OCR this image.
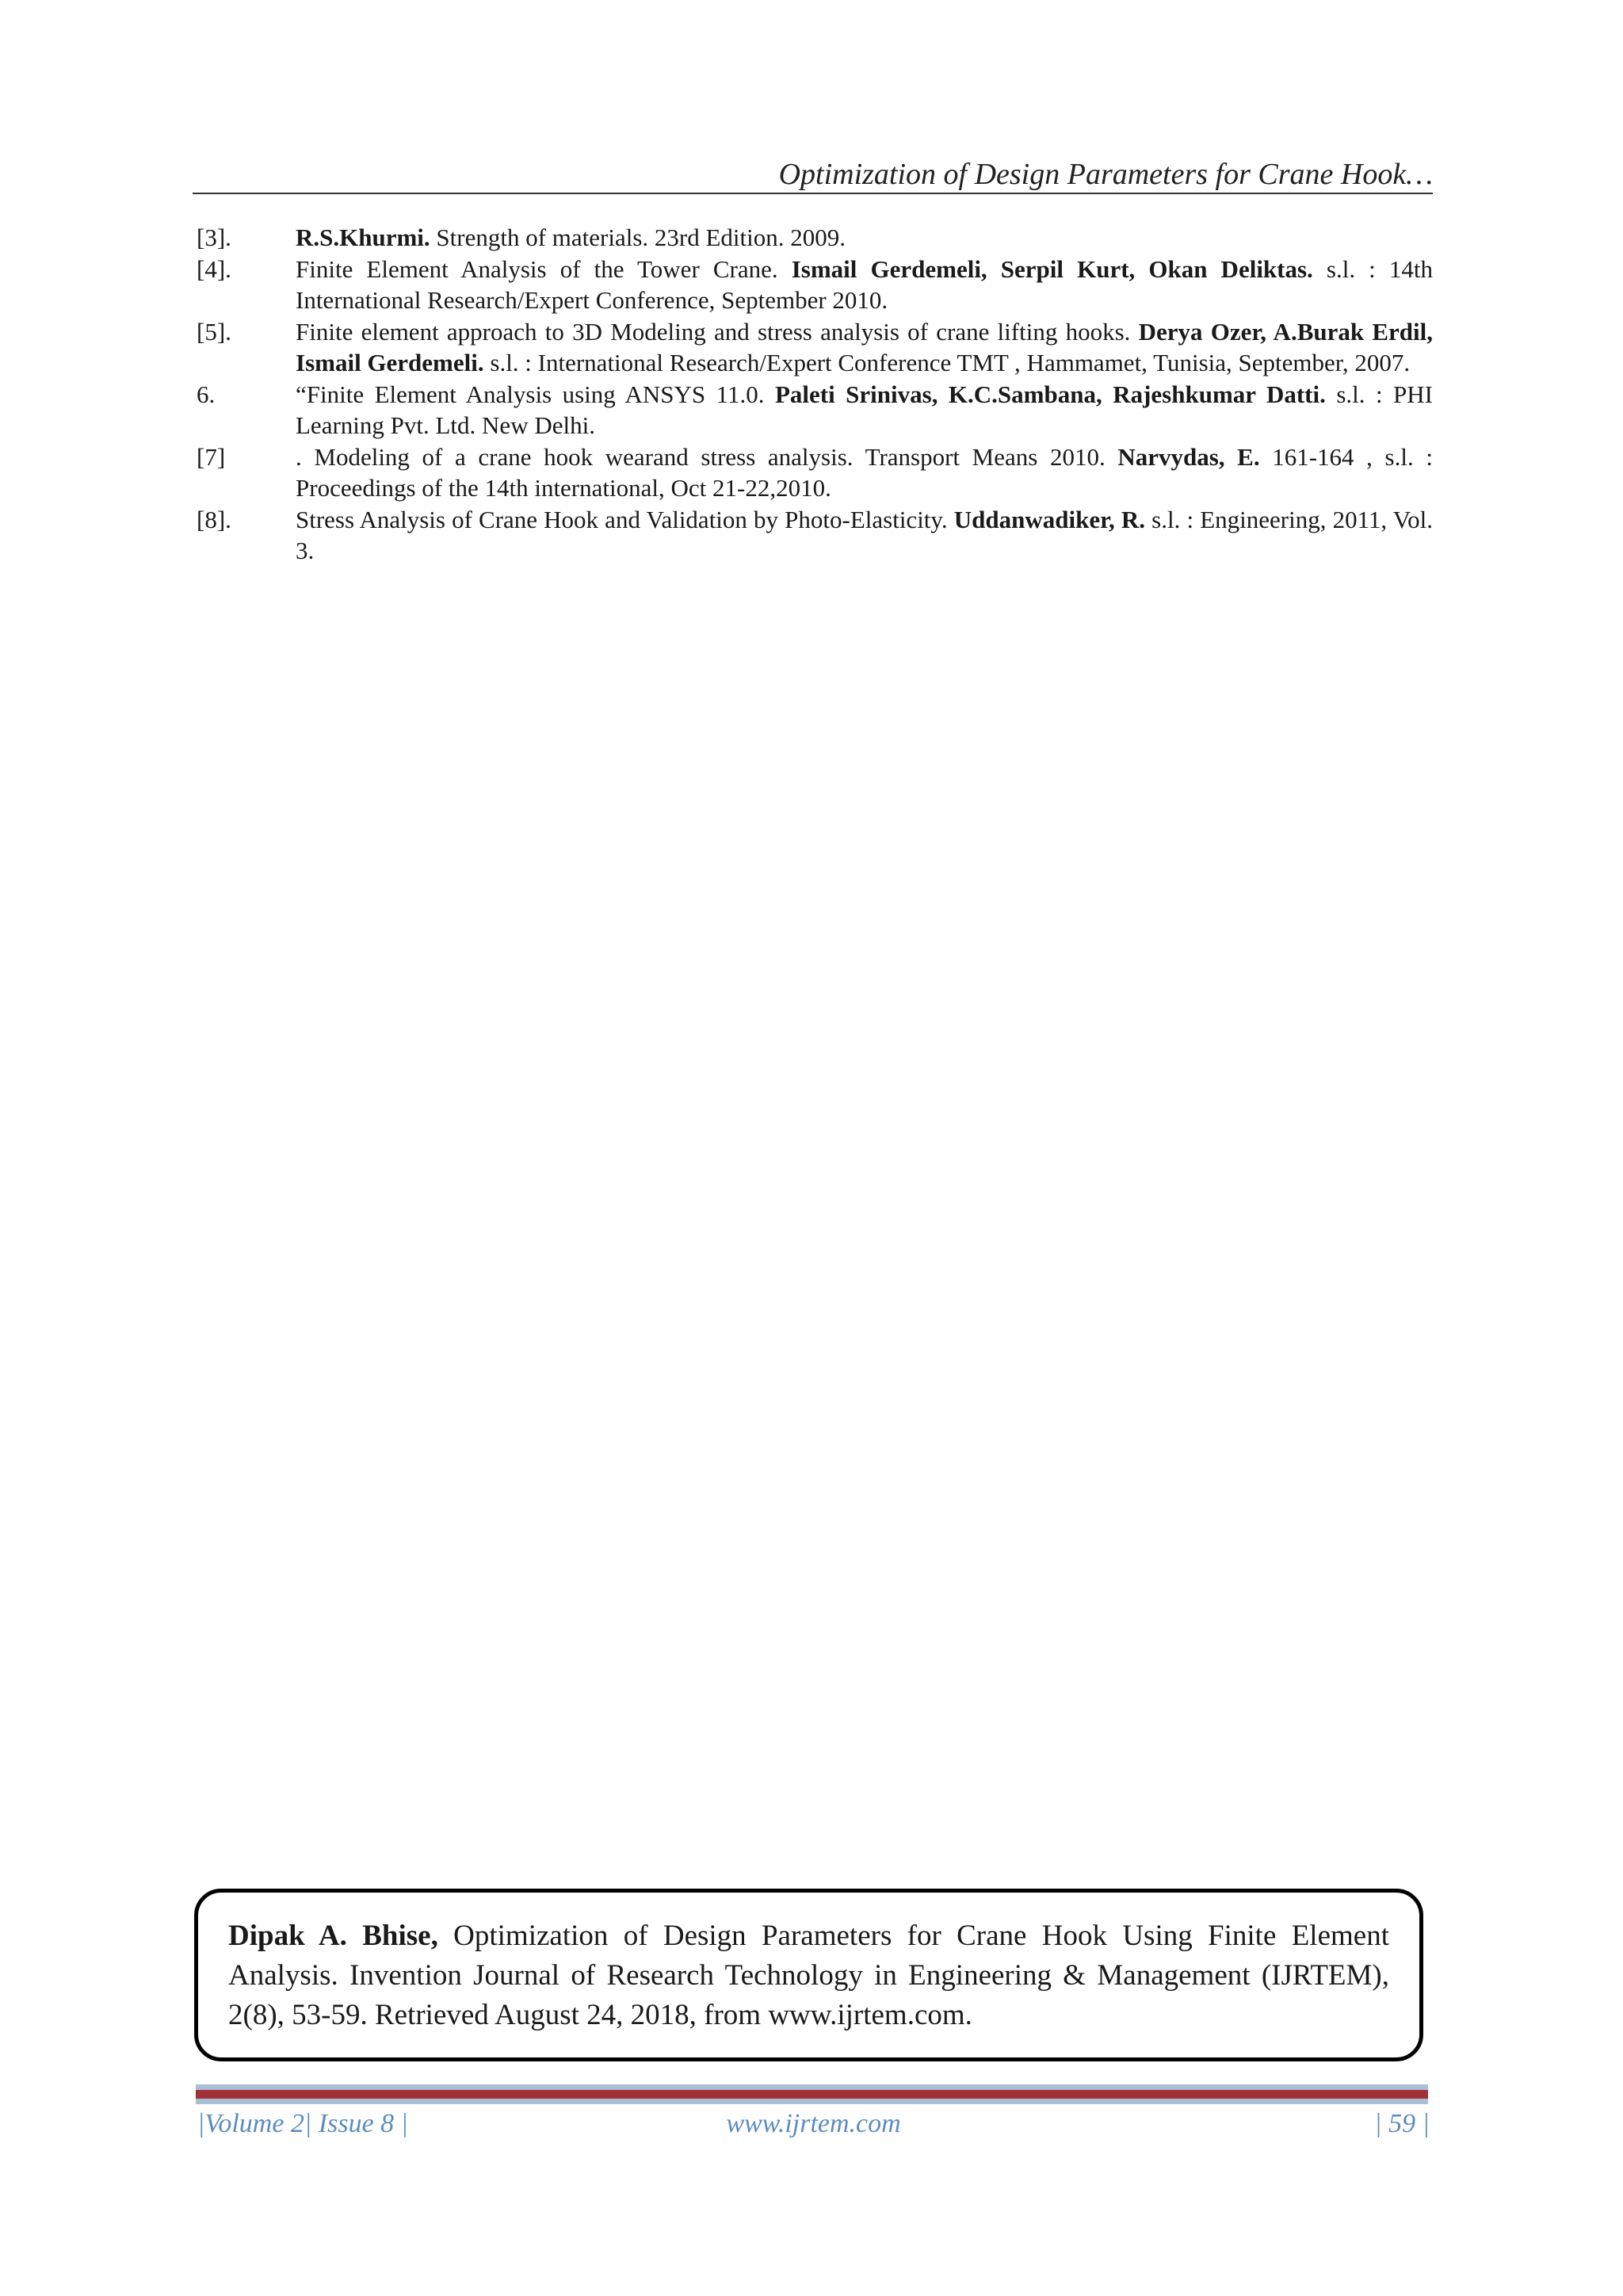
Optimization of Design Parameters for Crane Hook…
[3].	R.S.Khurmi. Strength of materials. 23rd Edition. 2009.
[4].	Finite Element Analysis of the Tower Crane. Ismail Gerdemeli, Serpil Kurt, Okan Deliktas. s.l. : 14th International Research/Expert Conference, September 2010.
[5].	Finite element approach to 3D Modeling and stress analysis of crane lifting hooks. Derya Ozer, A.Burak Erdil, Ismail Gerdemeli. s.l. : International Research/Expert Conference TMT , Hammamet, Tunisia, September, 2007.
6.	“Finite Element Analysis using ANSYS 11.0. Paleti Srinivas, K.C.Sambana, Rajeshkumar Datti. s.l. : PHI Learning Pvt. Ltd. New Delhi.
[7]	. Modeling of a crane hook wearand stress analysis. Transport Means 2010. Narvydas, E. 161-164 , s.l. : Proceedings of the 14th international, Oct 21-22,2010.
[8].	Stress Analysis of Crane Hook and Validation by Photo-Elasticity. Uddanwadiker, R. s.l. : Engineering, 2011, Vol. 3.
Dipak A. Bhise, Optimization of Design Parameters for Crane Hook Using Finite Element Analysis. Invention Journal of Research Technology in Engineering & Management (IJRTEM), 2(8), 53-59. Retrieved August 24, 2018, from www.ijrtem.com.
|Volume 2| Issue 8 |	www.ijrtem.com	| 59 |
